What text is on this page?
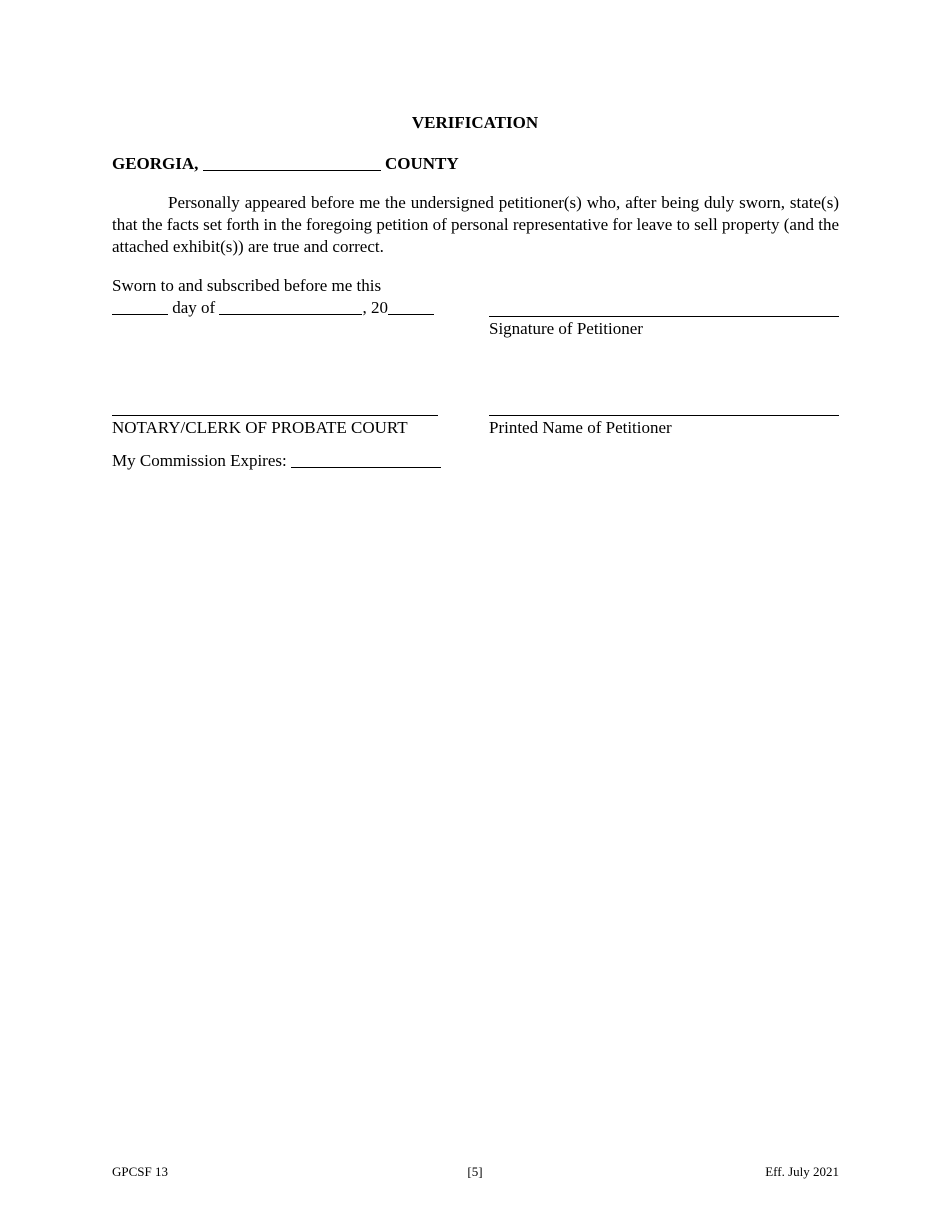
VERIFICATION
GEORGIA,	COUNTY
Personally appeared before me the undersigned petitioner(s) who, after being duly sworn, state(s) that the facts set forth in the foregoing petition of personal representative for leave to sell property (and the attached exhibit(s)) are true and correct.
Sworn to and subscribed before me this
day of	, 20
Signature of Petitioner
NOTARY/CLERK OF PROBATE COURT	Printed Name of Petitioner
My Commission Expires:
GPCSF 13	[5]	Eff. July 2021
